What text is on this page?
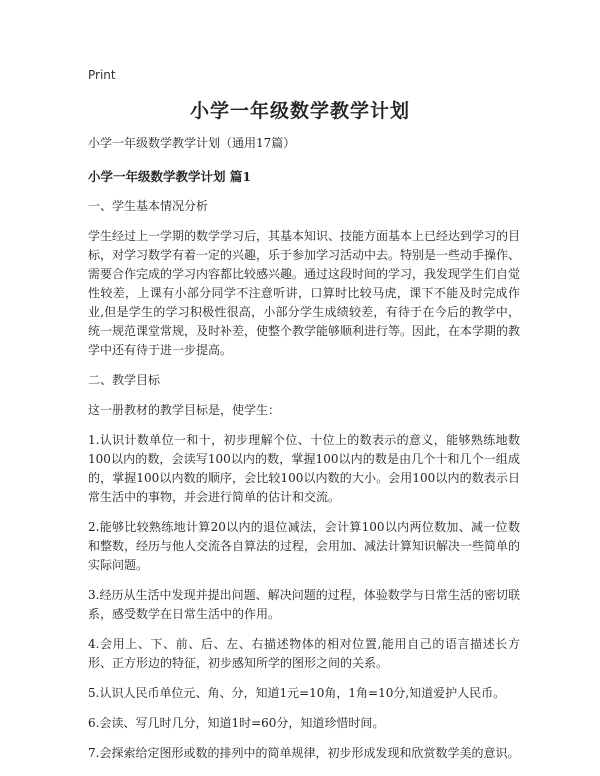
Print
小学一年级数学教学计划

小学一年级数学教学计划（通用17篇）

小学一年级数学教学计划 篇1

一、学生基本情况分析

学生经过上一学期的数学学习后，其基本知识、技能方面基本上已经达到学习的目标，对学习数学有着一定的兴趣，乐于参加学习活动中去。特别是一些动手操作、需要合作完成的学习内容都比较感兴趣。通过这段时间的学习，我发现学生们自觉性较差，上课有小部分同学不注意听讲，口算时比较马虎，课下不能及时完成作业,但是学生的学习积极性很高，小部分学生成绩较差，有待于在今后的教学中，统一规范课堂常规，及时补差，使整个教学能够顺利进行等。因此，在本学期的教学中还有待于进一步提高。

二、教学目标

这一册教材的教学目标是，使学生：

1.认识计数单位一和十，初步理解个位、十位上的数表示的意义，能够熟练地数100以内的数，会读写100以内的数，掌握100以内的数是由几个十和几个一组成的，掌握100以内数的顺序，会比较100以内数的大小。会用100以内的数表示日常生活中的事物，并会进行简单的估计和交流。

2.能够比较熟练地计算20以内的退位减法，会计算100以内两位数加、减一位数和整数，经历与他人交流各自算法的过程，会用加、减法计算知识解决一些简单的实际问题。

3.经历从生活中发现并提出问题、解决问题的过程，体验数学与日常生活的密切联系，感受数学在日常生活中的作用。

4.会用上、下、前、后、左、右描述物体的相对位置,能用自己的语言描述长方形、正方形边的特征，初步感知所学的图形之间的关系。

5.认识人民币单位元、角、分，知道1元=10角，1角=10分,知道爱护人民币。

6.会读、写几时几分，知道1时=60分，知道珍惜时间。

7.会探索给定图形或数的排列中的简单规律，初步形成发现和欣赏数学美的意识。
